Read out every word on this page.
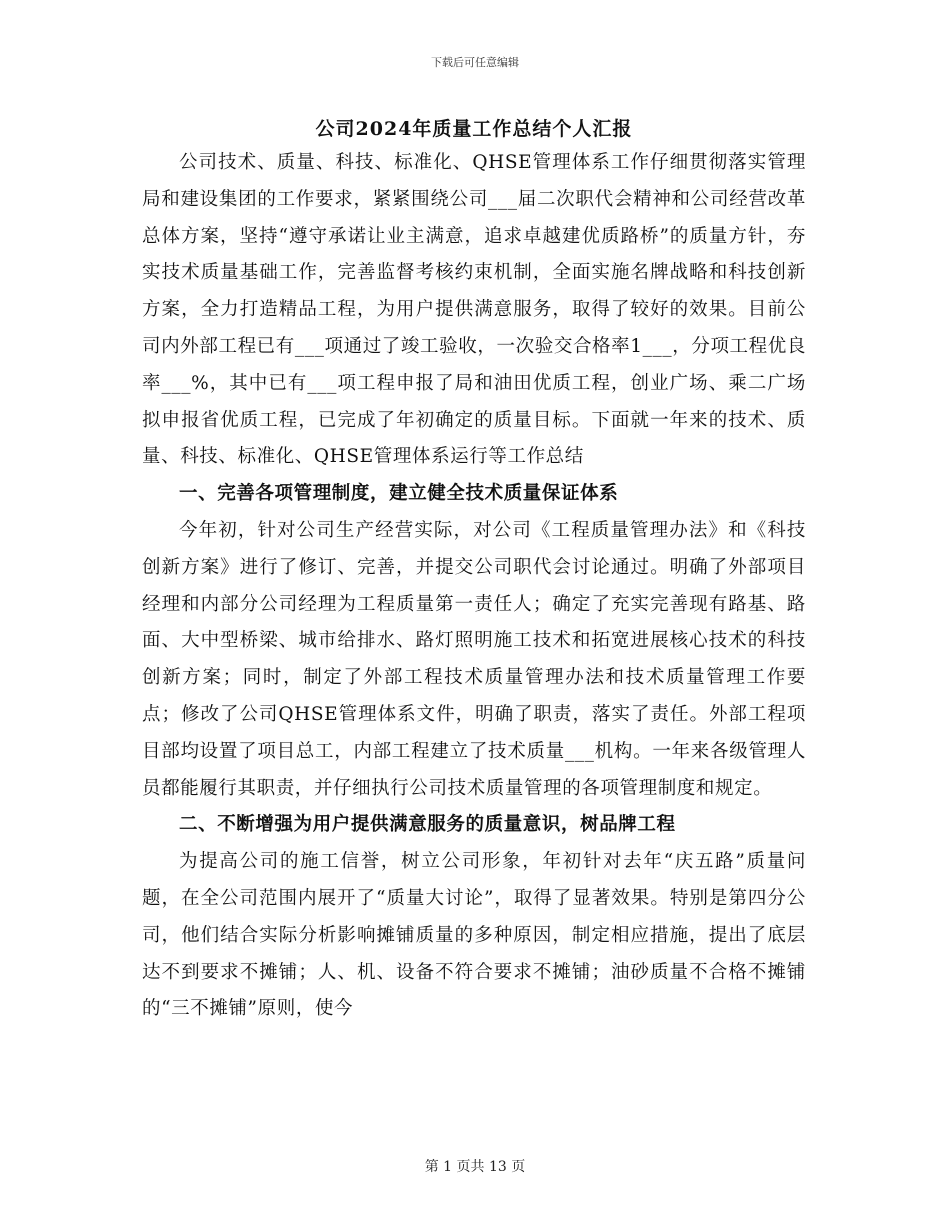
下载后可任意编辑
公司2024年质量工作总结个人汇报

公司技术、质量、科技、标准化、QHSE管理体系工作仔细贯彻落实管理局和建设集团的工作要求，紧紧围绕公司___届二次职代会精神和公司经营改革总体方案，坚持“遵守承诺让业主满意，追求卓越建优质路桥”的质量方针，夯实技术质量基础工作，完善监督考核约束机制，全面实施名牌战略和科技创新方案，全力打造精品工程，为用户提供满意服务，取得了较好的效果。目前公司内外部工程已有___项通过了竣工验收，一次验交合格率1___，分项工程优良率___%，其中已有___项工程申报了局和油田优质工程，创业广场、乘二广场拟申报省优质工程，已完成了年初确定的质量目标。下面就一年来的技术、质量、科技、标准化、QHSE管理体系运行等工作总结

一、完善各项管理制度，建立健全技术质量保证体系

今年初，针对公司生产经营实际，对公司《工程质量管理办法》和《科技创新方案》进行了修订、完善，并提交公司职代会讨论通过。明确了外部项目经理和内部分公司经理为工程质量第一责任人；确定了充实完善现有路基、路面、大中型桥梁、城市给排水、路灯照明施工技术和拓宽进展核心技术的科技创新方案；同时，制定了外部工程技术质量管理办法和技术质量管理工作要点；修改了公司QHSE管理体系文件，明确了职责，落实了责任。外部工程项目部均设置了项目总工，内部工程建立了技术质量___机构。一年来各级管理人员都能履行其职责，并仔细执行公司技术质量管理的各项管理制度和规定。

二、不断增强为用户提供满意服务的质量意识，树品牌工程

为提高公司的施工信誉，树立公司形象，年初针对去年“庆五路”质量问题，在全公司范围内展开了“质量大讨论”，取得了显著效果。特别是第四分公司，他们结合实际分析影响摊铺质量的多种原因，制定相应措施，提出了底层达不到要求不摊铺；人、机、设备不符合要求不摊铺；油砂质量不合格不摊铺的“三不摊铺”原则，使今

第 1 页共 13 页
